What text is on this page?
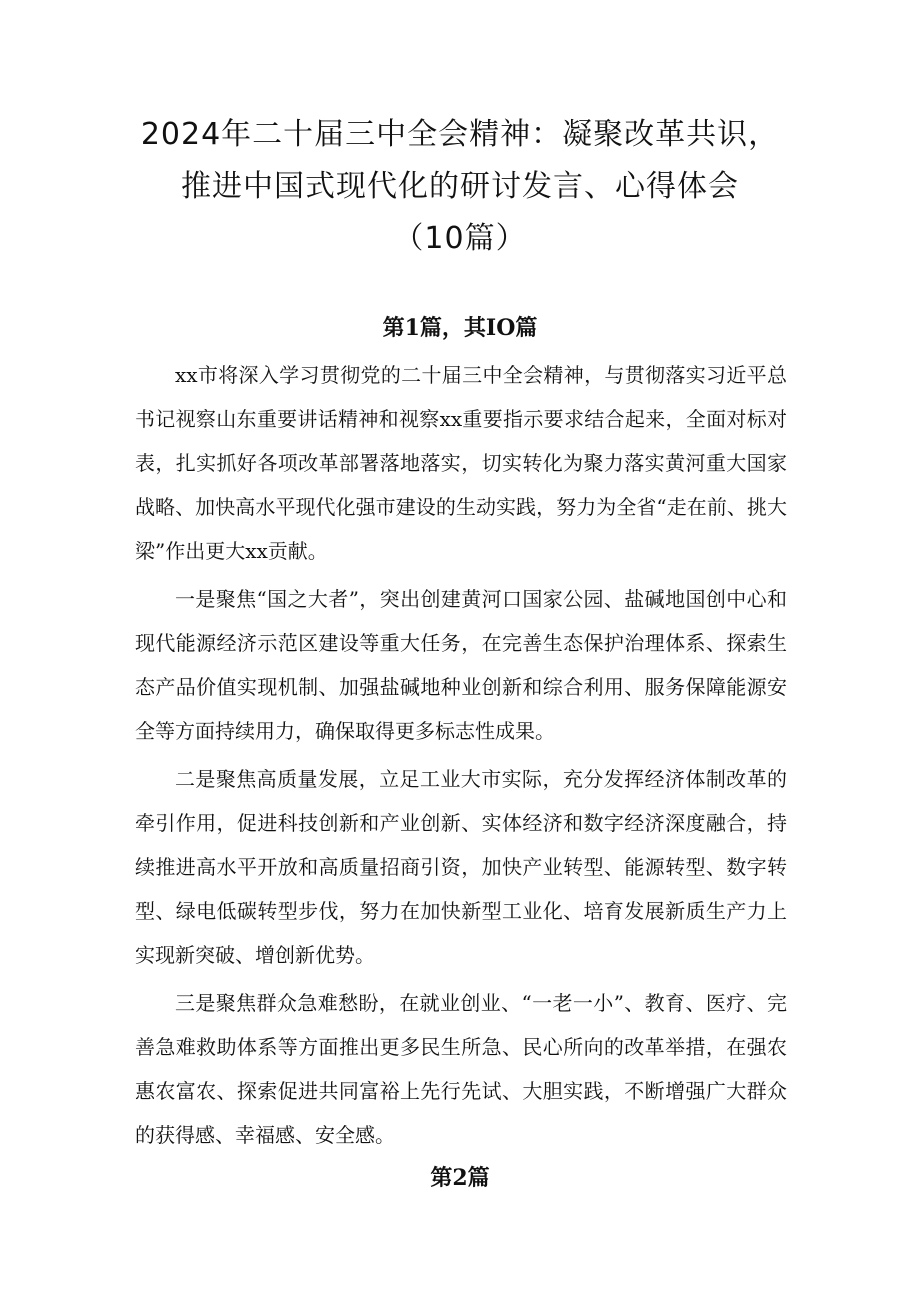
2024年二十届三中全会精神：凝聚改革共识，
推进中国式现代化的研讨发言、心得体会
（10篇）
第1篇，其IO篇

xx市将深入学习贯彻党的二十届三中全会精神，与贯彻落实习近平总书记视察山东重要讲话精神和视察xx重要指示要求结合起来，全面对标对表，扎实抓好各项改革部署落地落实，切实转化为聚力落实黄河重大国家战略、加快高水平现代化强市建设的生动实践，努力为全省“走在前、挑大梁”作出更大xx贡献。

一是聚焦“国之大者”，突出创建黄河口国家公园、盐碱地国创中心和现代能源经济示范区建设等重大任务，在完善生态保护治理体系、探索生态产品价值实现机制、加强盐碱地种业创新和综合利用、服务保障能源安全等方面持续用力，确保取得更多标志性成果。

二是聚焦高质量发展，立足工业大市实际，充分发挥经济体制改革的牵引作用，促进科技创新和产业创新、实体经济和数字经济深度融合，持续推进高水平开放和高质量招商引资，加快产业转型、能源转型、数字转型、绿电低碳转型步伐，努力在加快新型工业化、培育发展新质生产力上实现新突破、增创新优势。

三是聚焦群众急难愁盼，在就业创业、“一老一小”、教育、医疗、完善急难救助体系等方面推出更多民生所急、民心所向的改革举措，在强农惠农富农、探索促进共同富裕上先行先试、大胆实践，不断增强广大群众的获得感、幸福感、安全感。

第2篇
